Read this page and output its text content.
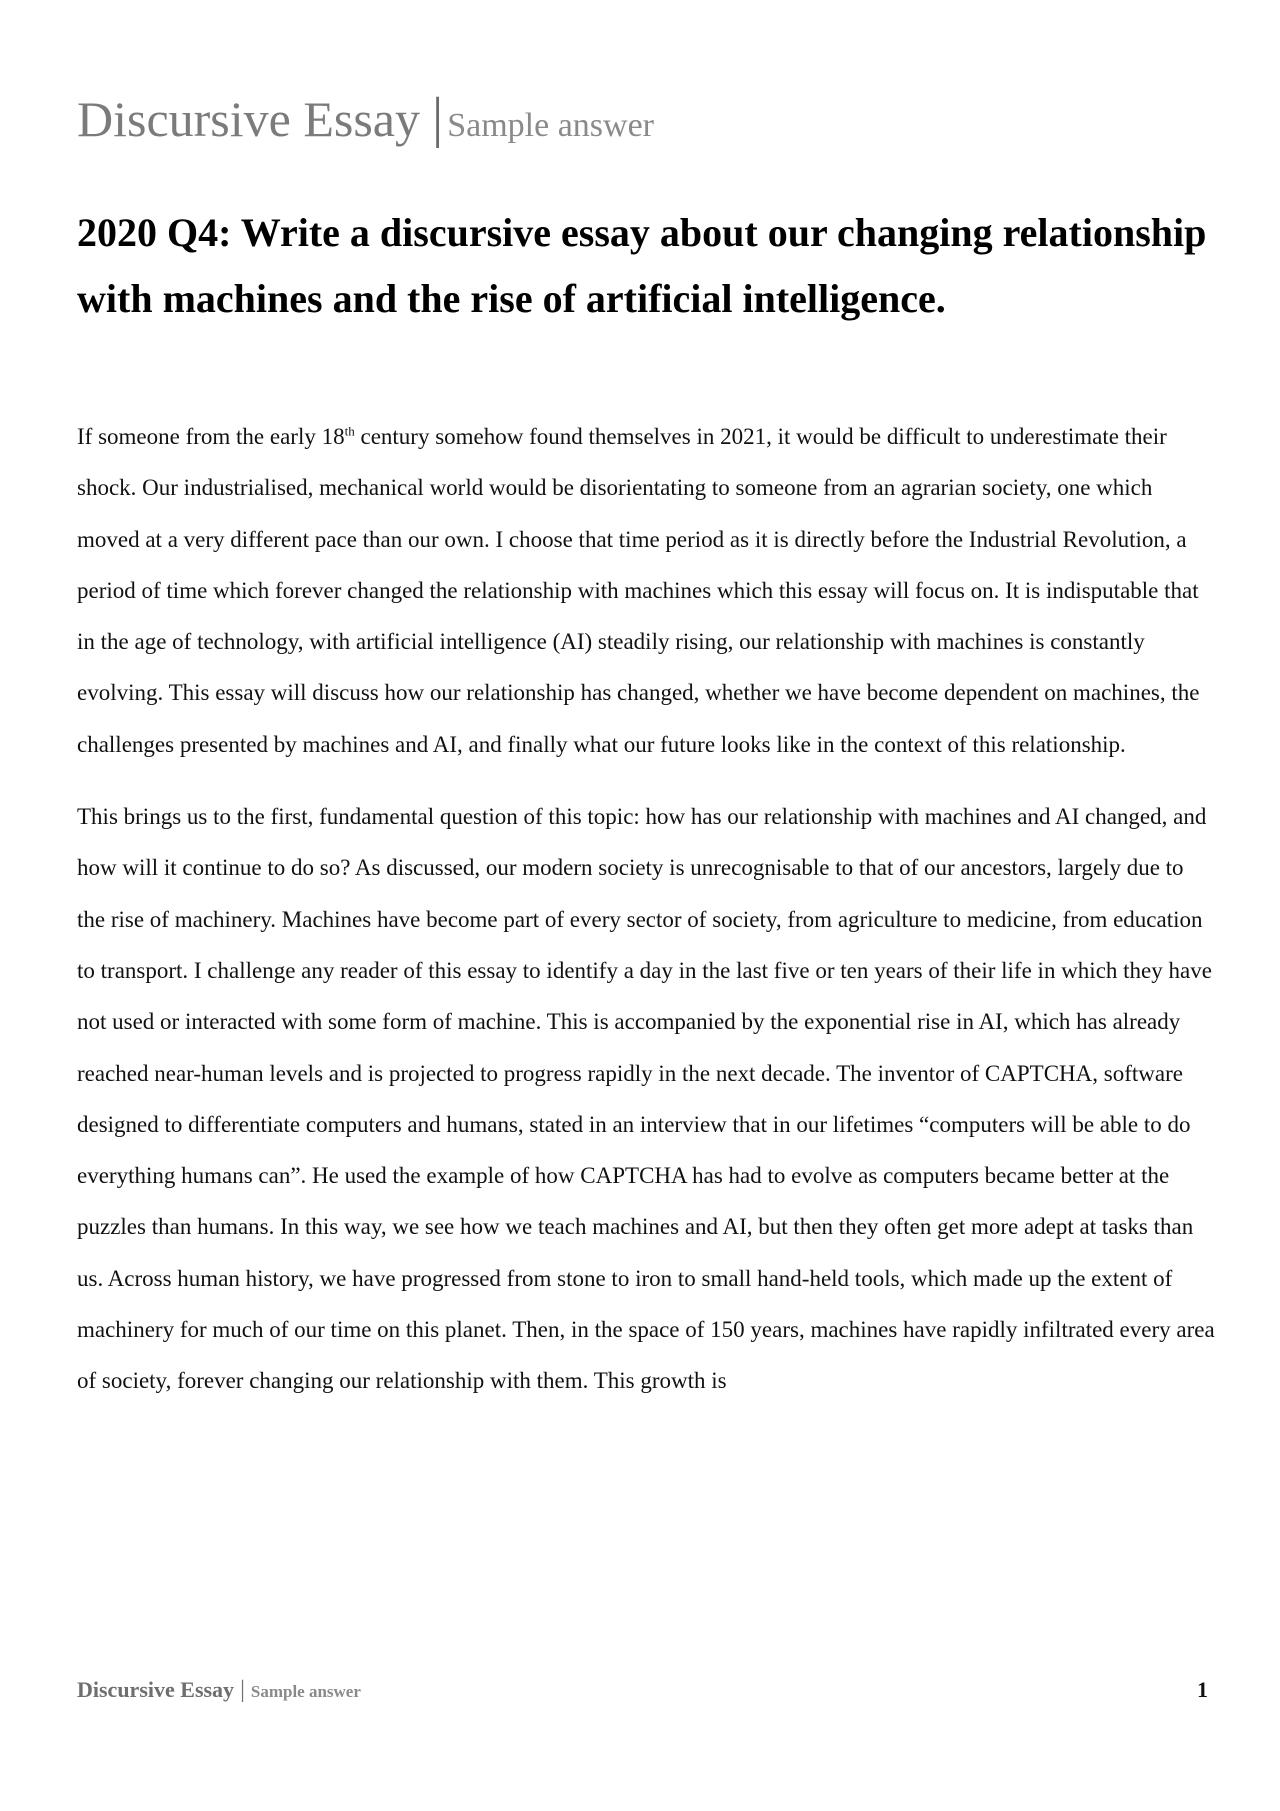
Discursive Essay | Sample answer
2020 Q4: Write a discursive essay about our changing relationship with machines and the rise of artificial intelligence.

If someone from the early 18th century somehow found themselves in 2021, it would be difficult to underestimate their shock. Our industrialised, mechanical world would be disorientating to someone from an agrarian society, one which moved at a very different pace than our own. I choose that time period as it is directly before the Industrial Revolution, a period of time which forever changed the relationship with machines which this essay will focus on. It is indisputable that in the age of technology, with artificial intelligence (AI) steadily rising, our relationship with machines is constantly evolving. This essay will discuss how our relationship has changed, whether we have become dependent on machines, the challenges presented by machines and AI, and finally what our future looks like in the context of this relationship.

This brings us to the first, fundamental question of this topic: how has our relationship with machines and AI changed, and how will it continue to do so? As discussed, our modern society is unrecognisable to that of our ancestors, largely due to the rise of machinery. Machines have become part of every sector of society, from agriculture to medicine, from education to transport. I challenge any reader of this essay to identify a day in the last five or ten years of their life in which they have not used or interacted with some form of machine. This is accompanied by the exponential rise in AI, which has already reached near-human levels and is projected to progress rapidly in the next decade. The inventor of CAPTCHA, software designed to differentiate computers and humans, stated in an interview that in our lifetimes “computers will be able to do everything humans can”. He used the example of how CAPTCHA has had to evolve as computers became better at the puzzles than humans. In this way, we see how we teach machines and AI, but then they often get more adept at tasks than us. Across human history, we have progressed from stone to iron to small hand-held tools, which made up the extent of machinery for much of our time on this planet. Then, in the space of 150 years, machines have rapidly infiltrated every area of society, forever changing our relationship with them. This growth is

Discursive Essay | Sample answer	1
